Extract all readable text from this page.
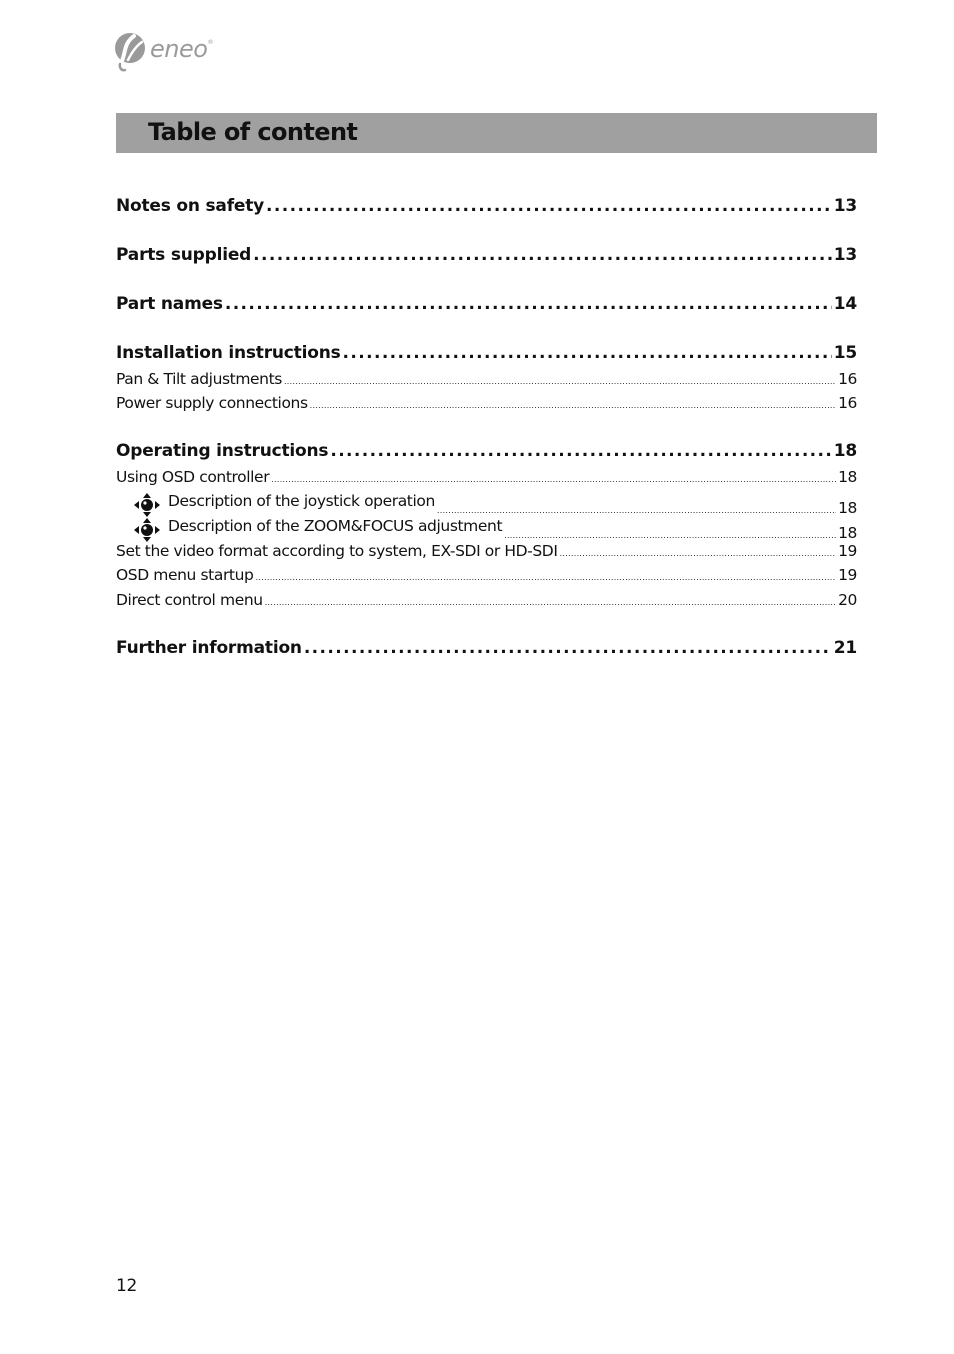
eneo®
Table of content
Notes on safety .....	13
Parts supplied .....	13
Part names .....	14
Installation instructions .....	15
Pan & Tilt adjustments .....	16
Power supply connections .....	16
Operating instructions .....	18
Using OSD controller .....	18
Description of the joystick operation .....	18
Description of the ZOOM&FOCUS adjustment .....	18
Set the video format according to system, EX-SDI or HD-SDI .....	19
OSD menu startup .....	19
Direct control menu .....	20
Further information .....	21
12
